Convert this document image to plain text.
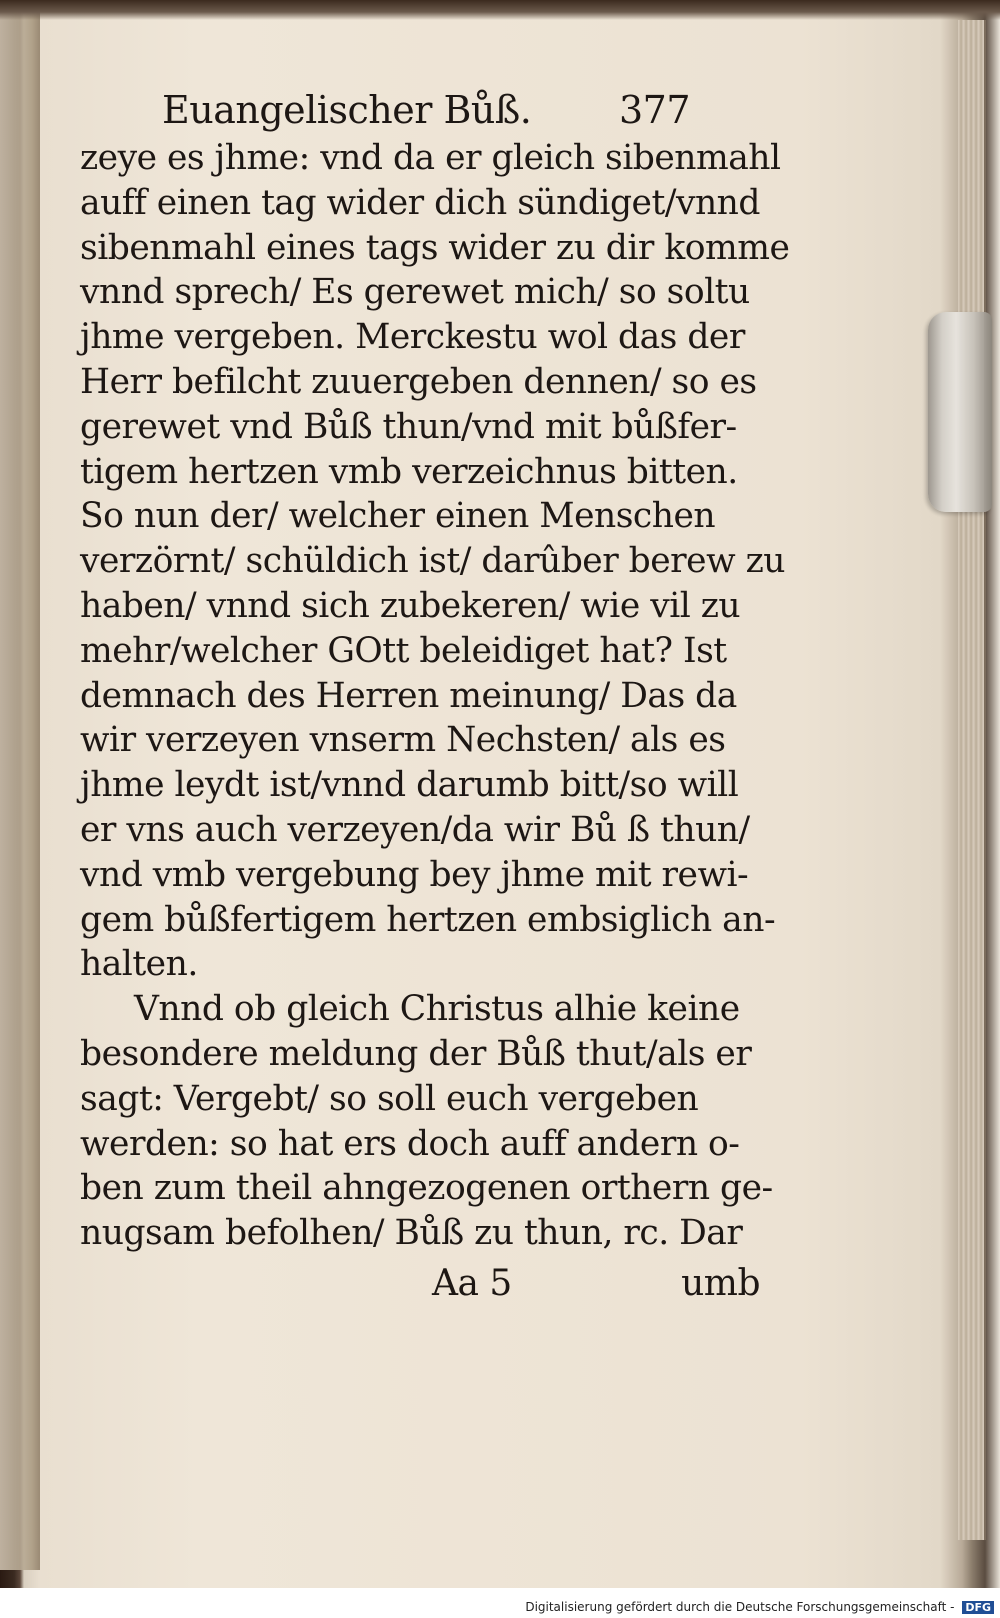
Euangelischer Bůß. 377
zeye es jhme: vnd da er gleich sibenmahl
auff einen tag wider dich sündiget/vnnd
sibenmahl eines tags wider zu dir komme
vnnd sprech/ Es gerewet mich/ so soltu
jhme vergeben. Merckestu wol das der
Herr befilcht zuuergeben dennen/ so es
gerewet vnd Bůß thun/vnd mit bůßfer-
tigem hertzen vmb verzeichnus bitten.
So nun der/ welcher einen Menschen
verzörnt/ schüldich ist/ darûber berew zu
haben/ vnnd sich zubekeren/ wie vil zu
mehr/welcher GOtt beleidiget hat? Ist
demnach des Herren meinung/ Das da
wir verzeyen vnserm Nechsten/ als es
jhme leydt ist/vnnd darumb bitt/so will
er vns auch verzeyen/da wir Bů ß thun/
vnd vmb vergebung bey jhme mit rewi-
gem bůßfertigem hertzen embsiglich an-
halten.
Vnnd ob gleich Christus alhie keine
besondere meldung der Bůß thut/als er
sagt: Vergebt/ so soll euch vergeben
werden: so hat ers doch auff andern o-
ben zum theil ahngezogenen orthern ge-
nugsam befolhen/ Bůß zu thun, rc. Dar
Aa 5	umb
Digitalisierung gefördert durch die Deutsche Forschungsgemeinschaft - DFG
